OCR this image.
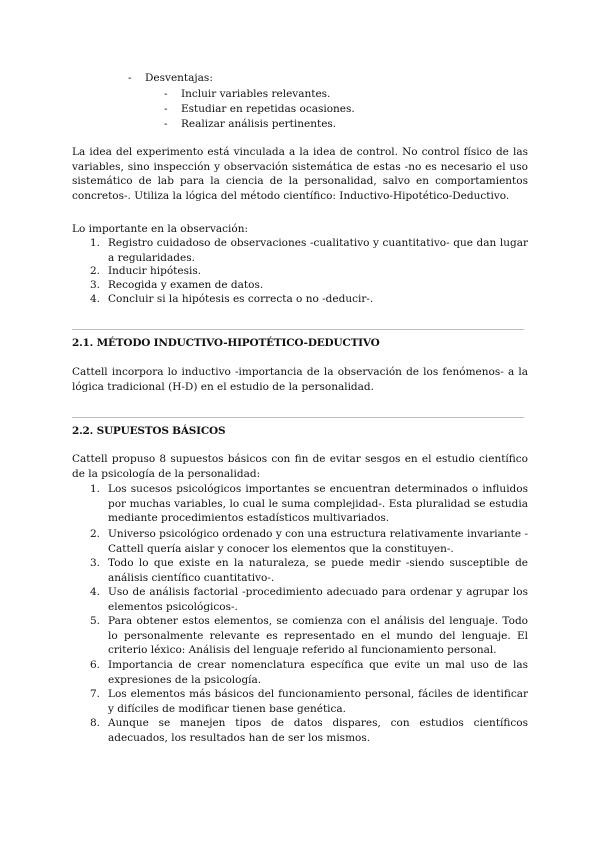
- Desventajas:
- Incluir variables relevantes.
- Estudiar en repetidas ocasiones.
- Realizar análisis pertinentes.

La idea del experimento está vinculada a la idea de control. No control físico de las variables, sino inspección y observación sistemática de estas -no es necesario el uso sistemático de lab para la ciencia de la personalidad, salvo en comportamientos concretos-. Utiliza la lógica del método científico: Inductivo-Hipotético-Deductivo.

Lo importante en la observación:

1. Registro cuidadoso de observaciones -cualitativo y cuantitativo- que dan lugar a regularidades.
2. Inducir hipótesis.
3. Recogida y examen de datos.
4. Concluir si la hipótesis es correcta o no -deducir-.
2.1. MÉTODO INDUCTIVO-HIPOTÉTICO-DEDUCTIVO

Cattell incorpora lo inductivo -importancia de la observación de los fenómenos- a la lógica tradicional (H-D) en el estudio de la personalidad.

2.2. SUPUESTOS BÁSICOS

Cattell propuso 8 supuestos básicos con fin de evitar sesgos en el estudio científico de la psicología de la personalidad:

1. Los sucesos psicológicos importantes se encuentran determinados o influidos por muchas variables, lo cual le suma complejidad-. Esta pluralidad se estudia mediante procedimientos estadísticos multivariados.
2. Universo psicológico ordenado y con una estructura relativamente invariante -Cattell quería aislar y conocer los elementos que la constituyen-.
3. Todo lo que existe en la naturaleza, se puede medir -siendo susceptible de análisis científico cuantitativo-.
4. Uso de análisis factorial -procedimiento adecuado para ordenar y agrupar los elementos psicológicos-.
5. Para obtener estos elementos, se comienza con el análisis del lenguaje. Todo lo personalmente relevante es representado en el mundo del lenguaje. El criterio léxico: Análisis del lenguaje referido al funcionamiento personal.
6. Importancia de crear nomenclatura específica que evite un mal uso de las expresiones de la psicología.
7. Los elementos más básicos del funcionamiento personal, fáciles de identificar y difíciles de modificar tienen base genética.
8. Aunque se manejen tipos de datos dispares, con estudios científicos adecuados, los resultados han de ser los mismos.
